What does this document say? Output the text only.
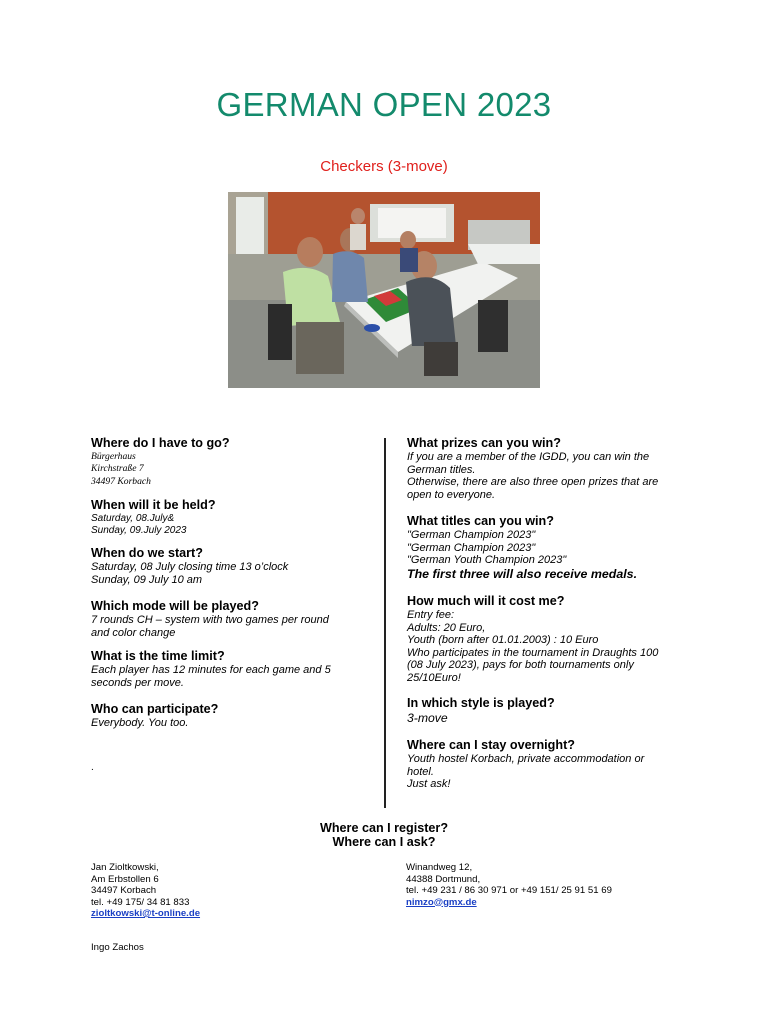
GERMAN OPEN 2023
Checkers (3-move)
Where do I have to go?
Bürgerhaus
Kirchstraße 7
34497 Korbach
When will it be held?
Saturday, 08.July&
Sunday, 09.July 2023
When do we start?
Saturday, 08 July closing time 13 o’clock
Sunday, 09 July 10 am
Which mode will be played?
7 rounds CH – system with two games per round
and color change
What is the time limit?
Each player has 12 minutes for each game and 5
seconds per move.
Who can participate?
Everybody. You too.
.
What prizes can you win?
If you are a member of the IGDD, you can win the
German titles.
Otherwise, there are also three open prizes that are
open to everyone.
What titles can you win?
"German Champion 2023"
"German Champion 2023"
"German Youth Champion 2023"
The first three will also receive medals.
How much will it cost me?
Entry fee:
Adults: 20 Euro,
Youth (born after 01.01.2003) : 10 Euro
Who participates in the tournament in Draughts 100
(08 July 2023), pays for both tournaments only
25/10Euro!
In which style is played?
3-move
Where can I stay overnight?
Youth hostel Korbach, private accommodation or
hotel.
Just ask!
Where can I register?
Where can I ask?
Jan Zioltkowski,
Am Erbstollen 6
34497 Korbach
tel. +49 175/ 34 81 833
zioltkowski@t-online.de
Winandweg 12,
44388 Dortmund,
tel. +49 231 / 86 30 971 or +49 151/ 25 91 51 69
nimzo@gmx.de
Ingo Zachos
